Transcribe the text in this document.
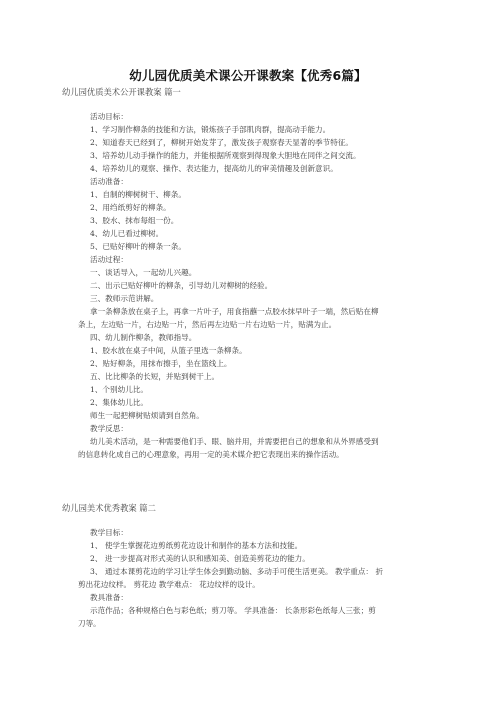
幼儿园优质美术课公开课教案【优秀6篇】
幼儿园优质美术公开课教案 篇一
活动目标：
1、学习制作柳条的技能和方法，锻炼孩子手部肌肉群，提高动手能力。
2、知道春天已经到了，柳树开始发芽了，激发孩子观察春天显著的季节特征。
3、培养幼儿动手操作的能力，并能根据所观察到得现象大胆地在同伴之间交流。
4、培养幼儿的观察、操作、表达能力，提高幼儿的审美情趣及创新意识。
活动准备：
1、自制的柳树树干、柳条。
2、用绉纸剪好的柳条。
3、胶水、抹布每组一份。
4、幼儿已看过柳树。
5、已贴好柳叶的柳条一条。
活动过程：
一、谈话导入，一起幼儿兴趣。
二、出示已贴好柳叶的柳条，引导幼儿对柳树的经验。
三、教师示范讲解。
拿一条柳条放在桌子上，再拿一片叶子，用食指蘸一点胶水抹早叶子一端，然后贴在柳
条上，左边贴一片，右边贴一片，然后再左边贴一片右边贴一片，贴满为止。
四、幼儿制作柳条，教师指导。
1、胶水放在桌子中间，从篮子里选一条柳条。
2、贴好柳条，用抹布擦手，坐在篮线上。
五、比比柳条的长短，并贴到树干上。
1、个别幼儿比。
2、集体幼儿比。
师生一起把柳树贴烦请到自然角。
教学反思：
幼儿美术活动，是一种需要他们手、眼、脑并用，并需要把自己的想象和从外界感受到
的信息转化成自己的心理意象，再用一定的美术媒介把它表现出来的操作活动。
幼儿园美术优秀教案 篇二
教学目标：
1、 使学生掌握花边剪纸剪花边设计和制作的基本方法和技能。
2、 进一步提高对形式美的认识和感知美、创造美剪花边的能力。
3、 通过本课剪花边的学习让学生体会到勤动脑、多动手可使生活更美。 教学重点： 折
剪出花边纹样。 剪花边 教学难点： 花边纹样的设计。
教具准备：
示范作品；各种规格白色与彩色纸；剪刀等。 学具准备： 长条形彩色纸每人三张；剪
刀等。
